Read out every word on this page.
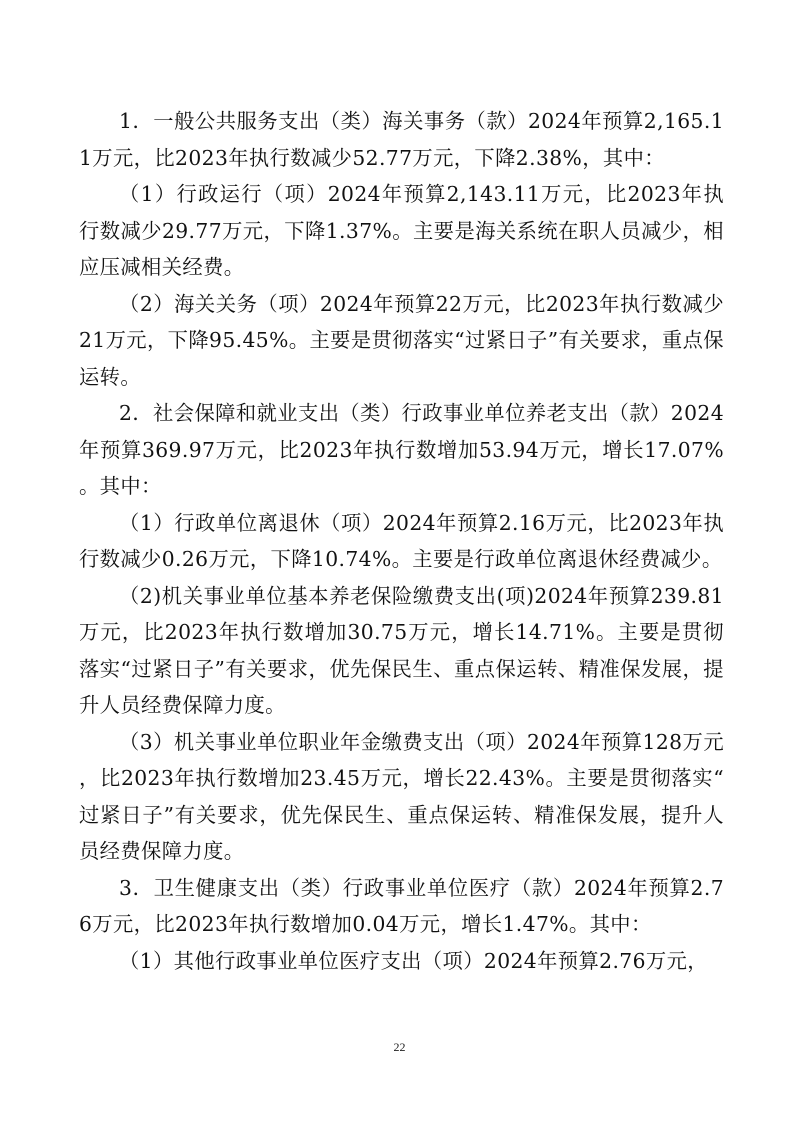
1．一般公共服务支出（类）海关事务（款）2024年预算2,165.11万元，比2023年执行数减少52.77万元，下降2.38%，其中：

（1）行政运行（项）2024年预算2,143.11万元，比2023年执行数减少29.77万元，下降1.37%。主要是海关系统在职人员减少，相应压减相关经费。

（2）海关关务（项）2024年预算22万元，比2023年执行数减少21万元，下降95.45%。主要是贯彻落实“过紧日子”有关要求，重点保运转。

2．社会保障和就业支出（类）行政事业单位养老支出（款）2024年预算369.97万元，比2023年执行数增加53.94万元，增长17.07%。其中：

（1）行政单位离退休（项）2024年预算2.16万元，比2023年执行数减少0.26万元，下降10.74%。主要是行政单位离退休经费减少。

（2)机关事业单位基本养老保险缴费支出(项)2024年预算239.81万元，比2023年执行数增加30.75万元，增长14.71%。主要是贯彻落实“过紧日子”有关要求，优先保民生、重点保运转、精准保发展，提升人员经费保障力度。

（3）机关事业单位职业年金缴费支出（项）2024年预算128万元，比2023年执行数增加23.45万元，增长22.43%。主要是贯彻落实“过紧日子”有关要求，优先保民生、重点保运转、精准保发展，提升人员经费保障力度。

3．卫生健康支出（类）行政事业单位医疗（款）2024年预算2.76万元，比2023年执行数增加0.04万元，增长1.47%。其中：

（1）其他行政事业单位医疗支出（项）2024年预算2.76万元，

22
